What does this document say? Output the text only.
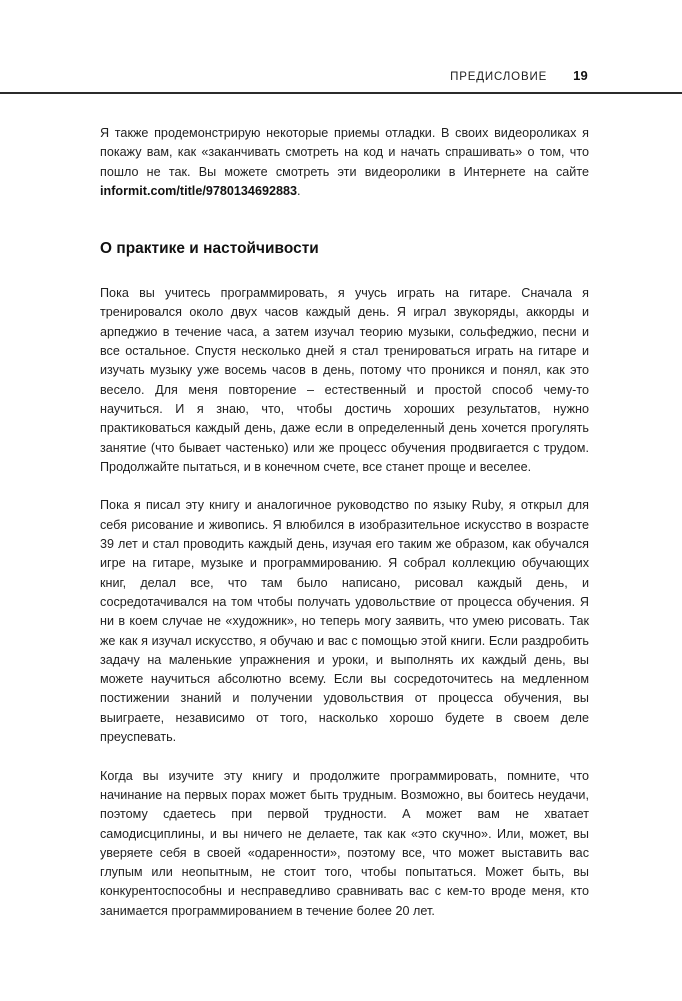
ПРЕДИСЛОВИЕ 19

Я также продемонстрирую некоторые приемы отладки. В своих видеороликах я покажу вам, как «заканчивать смотреть на код и начать спрашивать» о том, что пошло не так. Вы можете смотреть эти видеоролики в Интернете на сайте informit.com/title/9780134692883.

О практике и настойчивости

Пока вы учитесь программировать, я учусь играть на гитаре. Сначала я тренировался около двух часов каждый день. Я играл звукоряды, аккорды и арпеджио в течение часа, а затем изучал теорию музыки, сольфеджио, песни и все остальное. Спустя несколько дней я стал тренироваться играть на гитаре и изучать музыку уже восемь часов в день, потому что проникся и понял, как это весело. Для меня повторение – естественный и простой способ чему-то научиться. И я знаю, что, чтобы достичь хороших результатов, нужно практиковаться каждый день, даже если в определенный день хочется прогулять занятие (что бывает частенько) или же процесс обучения продвигается с трудом. Продолжайте пытаться, и в конечном счете, все станет проще и веселее.

Пока я писал эту книгу и аналогичное руководство по языку Ruby, я открыл для себя рисование и живопись. Я влюбился в изобразительное искусство в возрасте 39 лет и стал проводить каждый день, изучая его таким же образом, как обучался игре на гитаре, музыке и программированию. Я собрал коллекцию обучающих книг, делал все, что там было написано, рисовал каждый день, и сосредотачивался на том чтобы получать удовольствие от процесса обучения. Я ни в коем случае не «художник», но теперь могу заявить, что умею рисовать. Так же как я изучал искусство, я обучаю и вас с помощью этой книги. Если раздробить задачу на маленькие упражнения и уроки, и выполнять их каждый день, вы можете научиться абсолютно всему. Если вы сосредоточитесь на медленном постижении знаний и получении удовольствия от процесса обучения, вы выиграете, независимо от того, насколько хорошо будете в своем деле преуспевать.

Когда вы изучите эту книгу и продолжите программировать, помните, что начинание на первых порах может быть трудным. Возможно, вы боитесь неудачи, поэтому сдаетесь при первой трудности. А может вам не хватает самодисциплины, и вы ничего не делаете, так как «это скучно». Или, может, вы уверяете себя в своей «одаренности», поэтому все, что может выставить вас глупым или неопытным, не стоит того, чтобы попытаться. Может быть, вы конкурентоспособны и несправедливо сравнивать вас с кем-то вроде меня, кто занимается программированием в течение более 20 лет.
